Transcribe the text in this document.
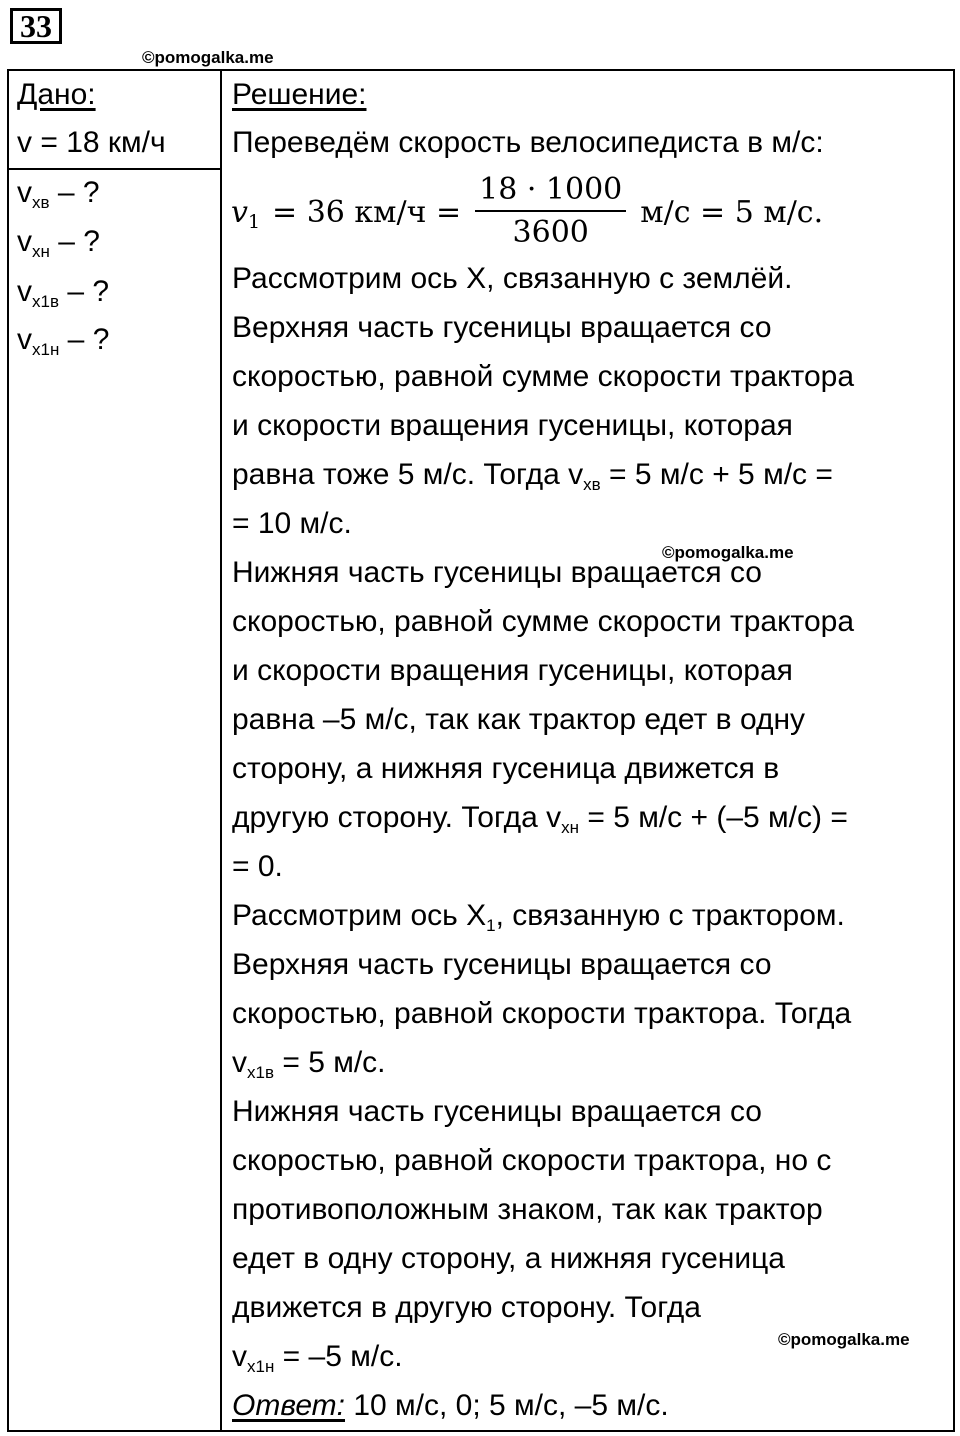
33
©pomogalka.me
Дано:
v = 18 км/ч
$v_{хв}$ – ?
$v_{хн}$ – ?
$v_{x1в}$ – ?
$v_{x1н}$ – ?
Решение:
Переведём скорость велосипедиста в м/с:
v 1 = 36 $км/ч = \frac{18 \cdot 1000}{3600} м/с = 5$ м/с.
Рассмотрим ось X, связанную с землёй.
Верхняя часть гусеницы вращается со
скоростью, равной сумме скорости трактора
и скорости вращения гусеницы, которая
равна тоже 5 м/с. Тогда $v_{хв} = 5$ м/с + 5 м/с =
= 10 м/с.
Нижняя часть гусеницы вращается со
скоростью, равной сумме скорости трактора
и скорости вращения гусеницы, которая
равна –5 м/с, так как трактор едет в одну
сторону, а нижняя гусеница движется в
другую сторону. Тогда $v_{хн} = 5$ м/с + (–5 м/с) =
= 0.
Рассмотрим ось $X_1$, связанную с трактором.
Верхняя часть гусеницы вращается со
скоростью, равной скорости трактора. Тогда
$v_{x1в} = 5$ м/с.
Нижняя часть гусеницы вращается со
скоростью, равной скорости трактора, но с
противоположным знаком, так как трактор
едет в одну сторону, а нижняя гусеница
движется в другую сторону. Тогда
$v_{x1н} = -5$ м/с.
Ответ: 10 м/с, 0; 5 м/с, –5 м/с.
©pomogalka.me
©pomogalka.me
